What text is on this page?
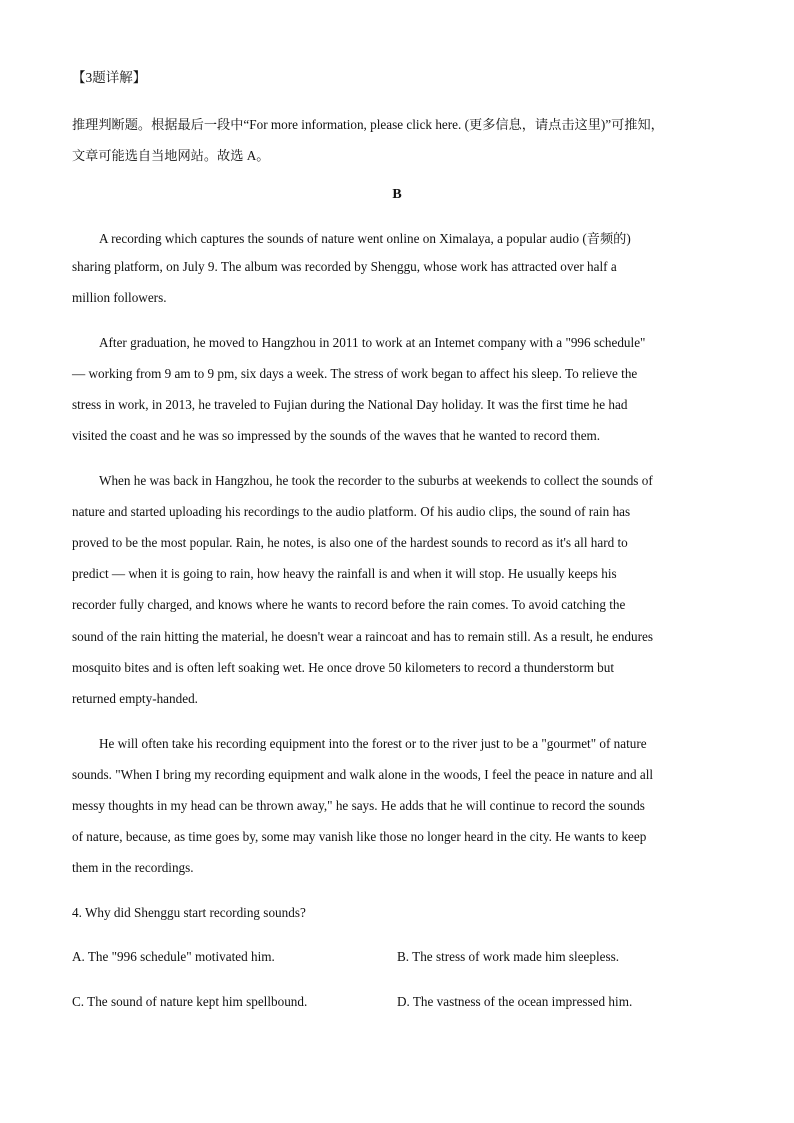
【3题详解】
推理判断题。根据最后一段中“For more information, please click here. (更多信息，请点击这里)”可推知，
文章可能选自当地网站。故选 A。
B
A recording which captures the sounds of nature went online on Ximalaya, a popular audio (音频的)
sharing platform, on July 9. The album was recorded by Shenggu, whose work has attracted over half a
million followers.
After graduation, he moved to Hangzhou in 2011 to work at an Intemet company with a "996 schedule"
— working from 9 am to 9 pm, six days a week. The stress of work began to affect his sleep. To relieve the
stress in work, in 2013, he traveled to Fujian during the National Day holiday. It was the first time he had
visited the coast and he was so impressed by the sounds of the waves that he wanted to record them.
When he was back in Hangzhou, he took the recorder to the suburbs at weekends to collect the sounds of
nature and started uploading his recordings to the audio platform. Of his audio clips, the sound of rain has
proved to be the most popular. Rain, he notes, is also one of the hardest sounds to record as it's all hard to
predict — when it is going to rain, how heavy the rainfall is and when it will stop. He usually keeps his
recorder fully charged, and knows where he wants to record before the rain comes. To avoid catching the
sound of the rain hitting the material, he doesn't wear a raincoat and has to remain still. As a result, he endures
mosquito bites and is often left soaking wet. He once drove 50 kilometers to record a thunderstorm but
returned empty-handed.
He will often take his recording equipment into the forest or to the river just to be a "gourmet" of nature
sounds. "When I bring my recording equipment and walk alone in the woods, I feel the peace in nature and all
messy thoughts in my head can be thrown away," he says. He adds that he will continue to record the sounds
of nature, because, as time goes by, some may vanish like those no longer heard in the city. He wants to keep
them in the recordings.
4. Why did Shenggu start recording sounds?
A. The "996 schedule" motivated him.	B. The stress of work made him sleepless.
C. The sound of nature kept him spellbound.	D. The vastness of the ocean impressed him.
